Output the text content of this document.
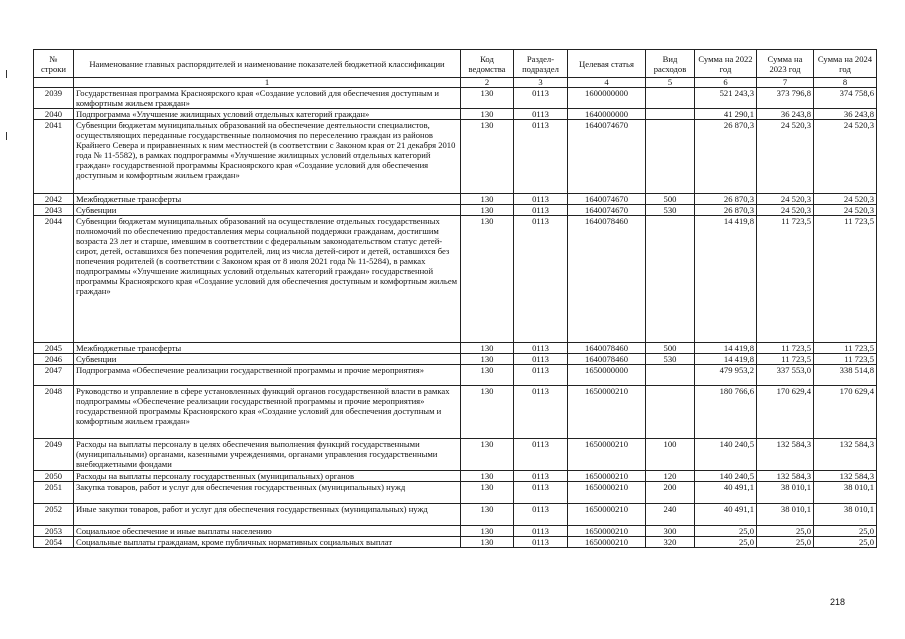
№ строки	Наименование главных распорядителей и наименование показателей бюджетной классификации	Код ведомства	Раздел-подраздел	Целевая статья	Вид расходов	Сумма на 2022 год	Сумма на 2023 год	Сумма на 2024 год
	1	2	3	4	5	6	7	8
2039	Государственная программа Красноярского края «Создание условий для обеспечения доступным и комфортным жильем граждан»	130	0113	1600000000		521 243,3	373 796,8	374 758,6
2040	Подпрограмма «Улучшение жилищных условий отдельных категорий граждан»	130	0113	1640000000		41 290,1	36 243,8	36 243,8
2041	Субвенции бюджетам муниципальных образований на обеспечение деятельности специалистов, осуществляющих переданные государственные полномочия по переселению граждан из районов Крайнего Севера и приравненных к ним местностей (в соответствии с Законом края от 21 декабря 2010 года № 11-5582), в рамках подпрограммы «Улучшение жилищных условий отдельных категорий граждан» государственной программы Красноярского края «Создание условий для обеспечения доступным и комфортным жильем граждан»	130	0113	1640074670		26 870,3	24 520,3	24 520,3
2042	Межбюджетные трансферты	130	0113	1640074670	500	26 870,3	24 520,3	24 520,3
2043	Субвенции	130	0113	1640074670	530	26 870,3	24 520,3	24 520,3
2044	Субвенции бюджетам муниципальных образований на осуществление отдельных государственных полномочий по обеспечению предоставления меры социальной поддержки гражданам, достигшим возраста 23 лет и старше, имевшим в соответствии с федеральным законодательством статус детей-сирот, детей, оставшихся без попечения родителей, лиц из числа детей-сирот и детей, оставшихся без попечения родителей (в соответствии с Законом края от 8 июля 2021 года № 11-5284), в рамках подпрограммы «Улучшение жилищных условий отдельных категорий граждан» государственной программы Красноярского края «Создание условий для обеспечения доступным и комфортным жильем граждан»	130	0113	1640078460		14 419,8	11 723,5	11 723,5
2045	Межбюджетные трансферты	130	0113	1640078460	500	14 419,8	11 723,5	11 723,5
2046	Субвенции	130	0113	1640078460	530	14 419,8	11 723,5	11 723,5
2047	Подпрограмма «Обеспечение реализации государственной программы и прочие мероприятия»	130	0113	1650000000		479 953,2	337 553,0	338 514,8
2048	Руководство и управление в сфере установленных функций органов государственной власти в рамках подпрограммы «Обеспечение реализации государственной программы и прочие мероприятия» государственной программы Красноярского края «Создание условий для обеспечения доступным и комфортным жильем граждан»	130	0113	1650000210		180 766,6	170 629,4	170 629,4
2049	Расходы на выплаты персоналу в целях обеспечения выполнения функций государственными (муниципальными) органами, казенными учреждениями, органами управления государственными внебюджетными фондами	130	0113	1650000210	100	140 240,5	132 584,3	132 584,3
2050	Расходы на выплаты персоналу государственных (муниципальных) органов	130	0113	1650000210	120	140 240,5	132 584,3	132 584,3
2051	Закупка товаров, работ и услуг для обеспечения государственных (муниципальных) нужд	130	0113	1650000210	200	40 491,1	38 010,1	38 010,1
2052	Иные закупки товаров, работ и услуг для обеспечения государственных (муниципальных) нужд	130	0113	1650000210	240	40 491,1	38 010,1	38 010,1
2053	Социальное обеспечение и иные выплаты населению	130	0113	1650000210	300	25,0	25,0	25,0
2054	Социальные выплаты гражданам, кроме публичных нормативных социальных выплат	130	0113	1650000210	320	25,0	25,0	25,0
218
